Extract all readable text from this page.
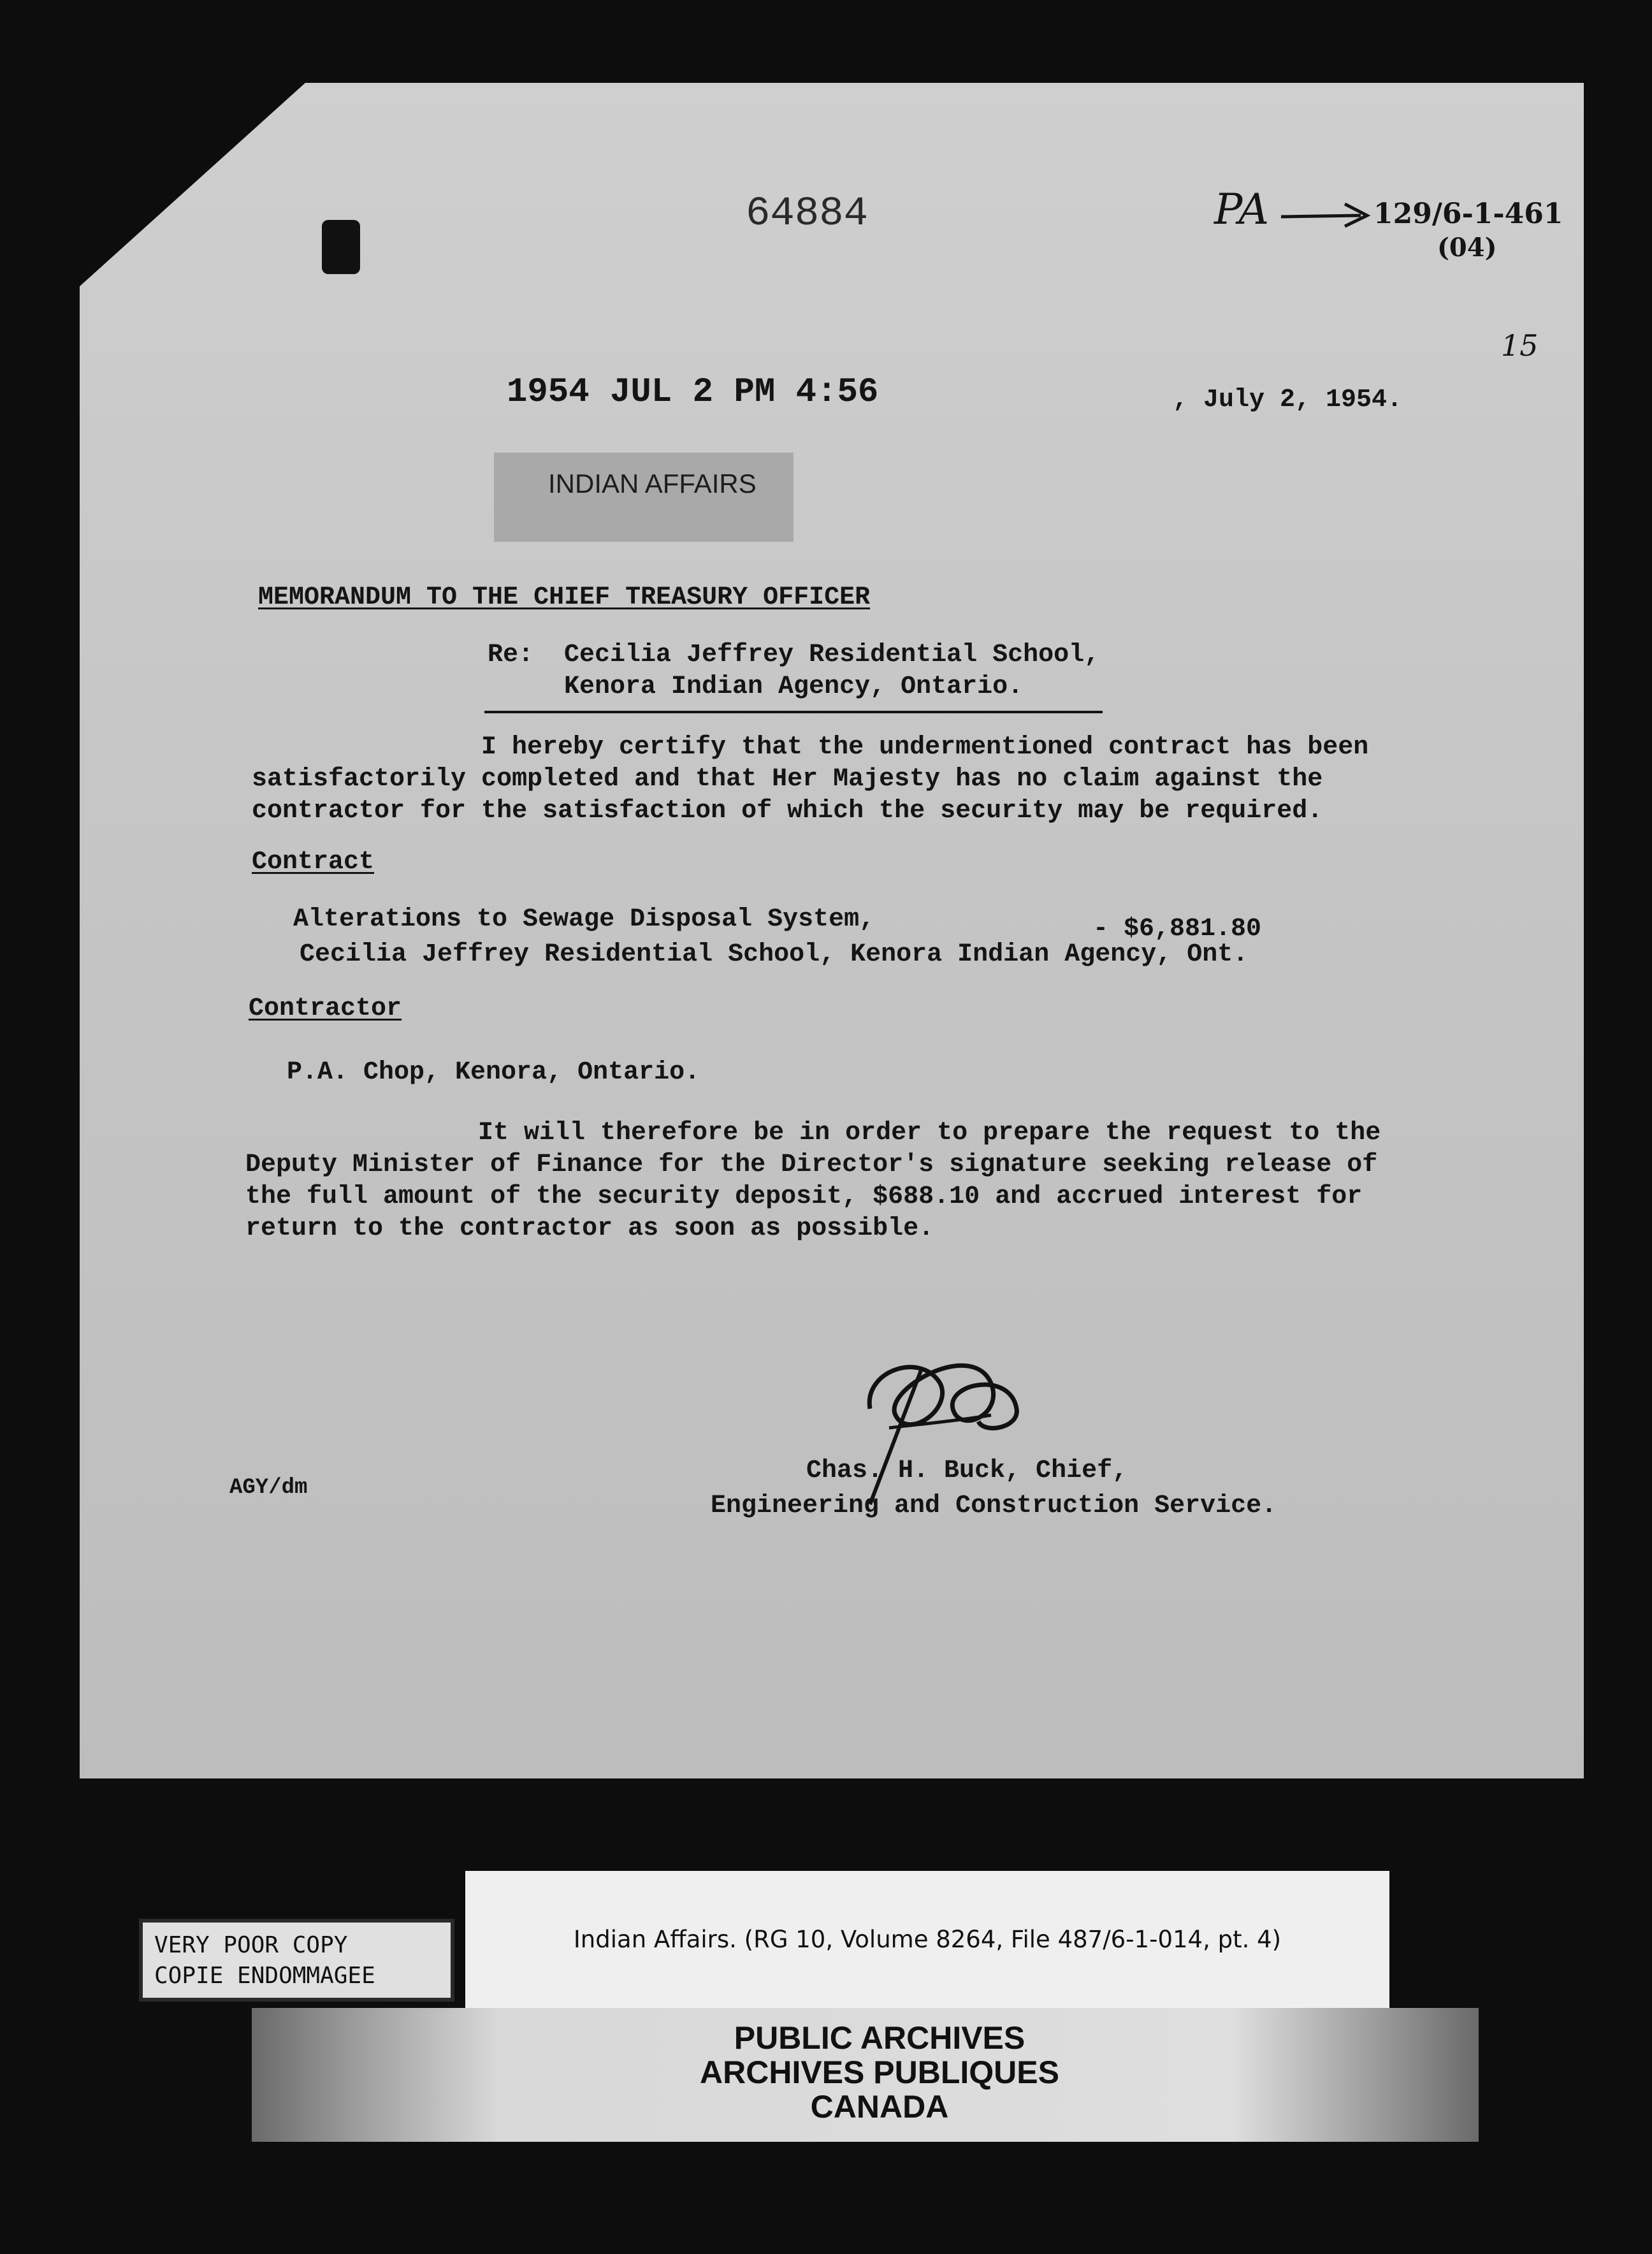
64884	PA	129/6-1-461
(04)
15
1954 JUL 2 PM 4:56	, July 2, 1954.
INDIAN AFFAIRS
MEMORANDUM TO THE CHIEF TREASURY OFFICER
Re: Cecilia Jeffrey Residential School,
Kenora Indian Agency, Ontario.
I hereby certify that the undermentioned contract has been
satisfactorily completed and that Her Majesty has no claim against the
contractor for the satisfaction of which the security may be required.
Contract
Alterations to Sewage Disposal System,	- $6,881.80
Cecilia Jeffrey Residential School, Kenora Indian Agency, Ont.
Contractor
P.A. Chop, Kenora, Ontario.
It will therefore be in order to prepare the request to the
Deputy Minister of Finance for the Director's signature seeking release of
the full amount of the security deposit, $688.10 and accrued interest for
return to the contractor as soon as possible.
AGY/dm
Chas. H. Buck, Chief,
Engineering and Construction Service.
VERY POOR COPY
COPIE ENDOMMAGEE
Indian Affairs. (RG 10, Volume 8264, File 487/6-1-014, pt. 4)
PUBLIC ARCHIVES
ARCHIVES PUBLIQUES
CANADA
